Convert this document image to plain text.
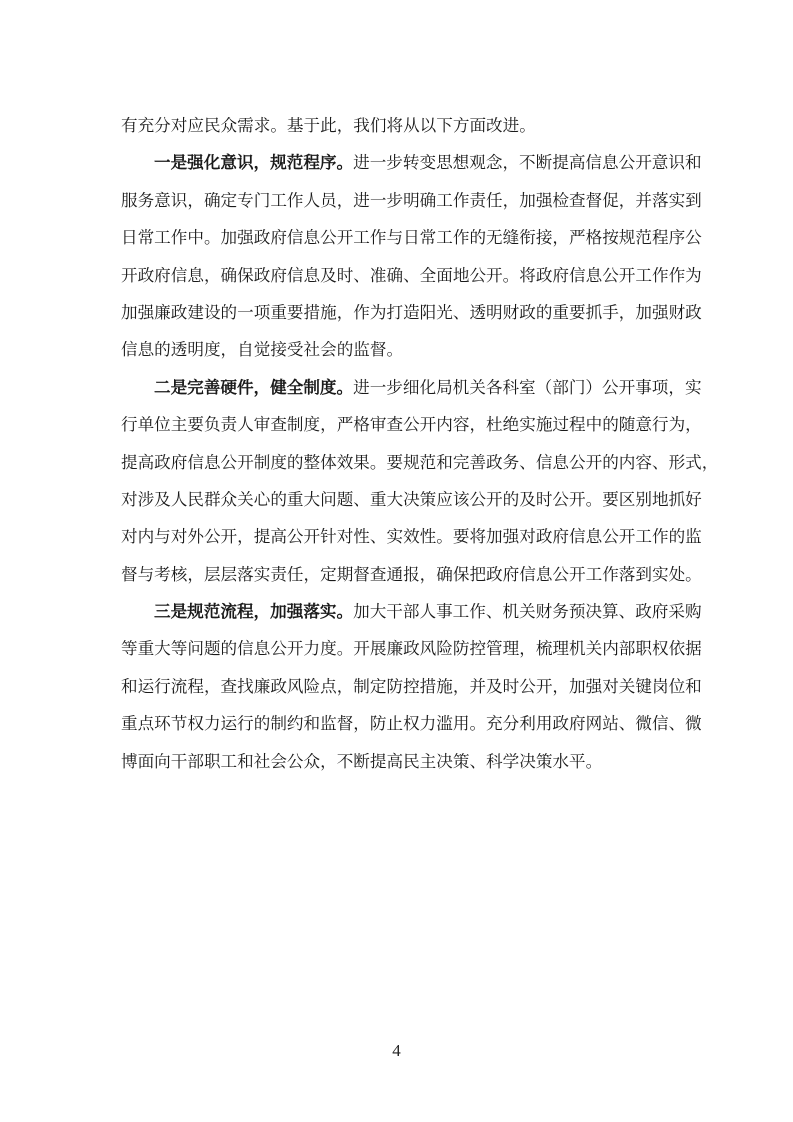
有充分对应民众需求。基于此，我们将从以下方面改进。
一是强化意识，规范程序。进一步转变思想观念，不断提高信息公开意识和
服务意识，确定专门工作人员，进一步明确工作责任，加强检查督促，并落实到
日常工作中。加强政府信息公开工作与日常工作的无缝衔接，严格按规范程序公
开政府信息，确保政府信息及时、准确、全面地公开。将政府信息公开工作作为
加强廉政建设的一项重要措施，作为打造阳光、透明财政的重要抓手，加强财政
信息的透明度，自觉接受社会的监督。
二是完善硬件，健全制度。进一步细化局机关各科室（部门）公开事项，实
行单位主要负责人审查制度，严格审查公开内容，杜绝实施过程中的随意行为，
提高政府信息公开制度的整体效果。要规范和完善政务、信息公开的内容、形式，
对涉及人民群众关心的重大问题、重大决策应该公开的及时公开。要区别地抓好
对内与对外公开，提高公开针对性、实效性。要将加强对政府信息公开工作的监
督与考核，层层落实责任，定期督查通报，确保把政府信息公开工作落到实处。
三是规范流程，加强落实。加大干部人事工作、机关财务预决算、政府采购
等重大等问题的信息公开力度。开展廉政风险防控管理，梳理机关内部职权依据
和运行流程，查找廉政风险点，制定防控措施，并及时公开，加强对关键岗位和
重点环节权力运行的制约和监督，防止权力滥用。充分利用政府网站、微信、微
博面向干部职工和社会公众，不断提高民主决策、科学决策水平。
4
